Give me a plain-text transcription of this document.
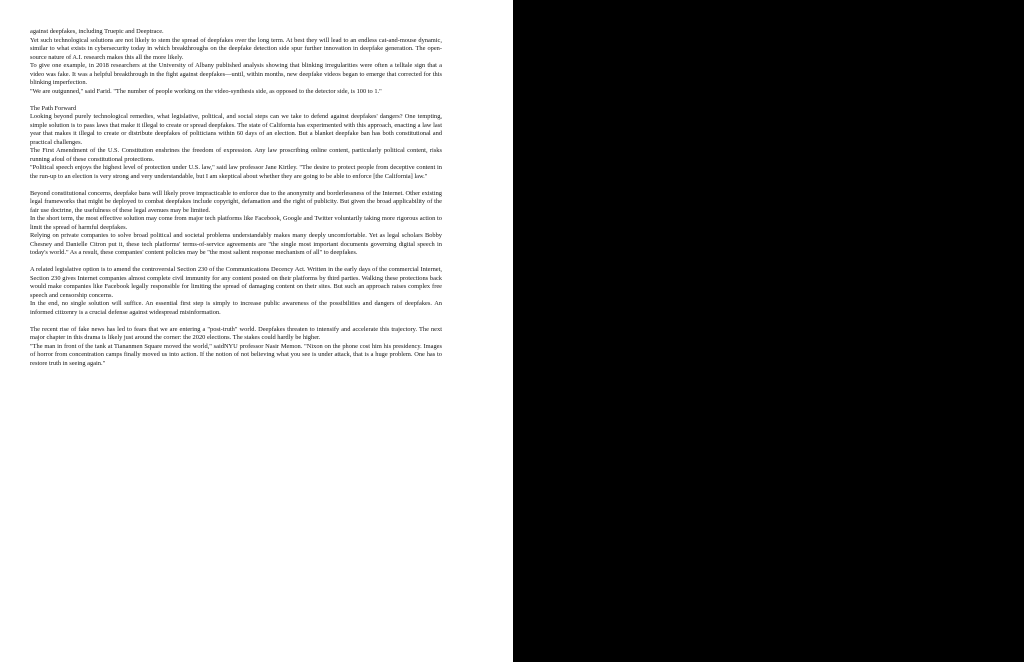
against deepfakes, including Truepic and Deeptrace.

Yet such technological solutions are not likely to stem the spread of deepfakes over the long term. At best they will lead to an endless cat-and-mouse dynamic, similar to what exists in cybersecurity today in which breakthroughs on the deepfake detection side spur further innovation in deepfake generation. The open-source nature of A.I. research makes this all the more likely.

To give one example, in 2018 researchers at the University of Albany published analysis showing that blinking irregularities were often a telltale sign that a video was fake. It was a helpful breakthrough in the fight against deepfakes—until, within months, new deepfake videos began to emerge that corrected for this blinking imperfection.

"We are outgunned," said Farid. "The number of people working on the video-synthesis side, as opposed to the detector side, is 100 to 1."

The Path Forward

Looking beyond purely technological remedies, what legislative, political, and social steps can we take to defend against deepfakes' dangers? One tempting, simple solution is to pass laws that make it illegal to create or spread deepfakes. The state of California has experimented with this approach, enacting a law last year that makes it illegal to create or distribute deepfakes of politicians within 60 days of an election. But a blanket deepfake ban has both constitutional and practical challenges.

The First Amendment of the U.S. Constitution enshrines the freedom of expression. Any law proscribing online content, particularly political content, risks running afoul of these constitutional protections.

"Political speech enjoys the highest level of protection under U.S. law," said law professor Jane Kirtley. "The desire to protect people from deceptive content in the run-up to an election is very strong and very understandable, but I am skeptical about whether they are going to be able to enforce [the California] law."

Beyond constitutional concerns, deepfake bans will likely prove impracticable to enforce due to the anonymity and borderlessness of the Internet. Other existing legal frameworks that might be deployed to combat deepfakes include copyright, defamation and the right of publicity. But given the broad applicability of the fair use doctrine, the usefulness of these legal avenues may be limited.

In the short term, the most effective solution may come from major tech platforms like Facebook, Google and Twitter voluntarily taking more rigorous action to limit the spread of harmful deepfakes.

Relying on private companies to solve broad political and societal problems understandably makes many deeply uncomfortable. Yet as legal scholars Bobby Chesney and Danielle Citron put it, these tech platforms' terms-of-service agreements are "the single most important documents governing digital speech in today's world." As a result, these companies' content policies may be "the most salient response mechanism of all" to deepfakes.

A related legislative option is to amend the controversial Section 230 of the Communications Decency Act. Written in the early days of the commercial Internet, Section 230 gives Internet companies almost complete civil immunity for any content posted on their platforms by third parties. Walking these protections back would make companies like Facebook legally responsible for limiting the spread of damaging content on their sites. But such an approach raises complex free speech and censorship concerns.

In the end, no single solution will suffice. An essential first step is simply to increase public awareness of the possibilities and dangers of deepfakes. An informed citizenry is a crucial defense against widespread misinformation.

The recent rise of fake news has led to fears that we are entering a "post-truth" world. Deepfakes threaten to intensify and accelerate this trajectory. The next major chapter in this drama is likely just around the corner: the 2020 elections. The stakes could hardly be higher.

"The man in front of the tank at Tiananmen Square moved the world," saidNYU professor Nasir Memon. "Nixon on the phone cost him his presidency. Images of horror from concentration camps finally moved us into action. If the notion of not believing what you see is under attack, that is a huge problem. One has to restore truth in seeing again."
